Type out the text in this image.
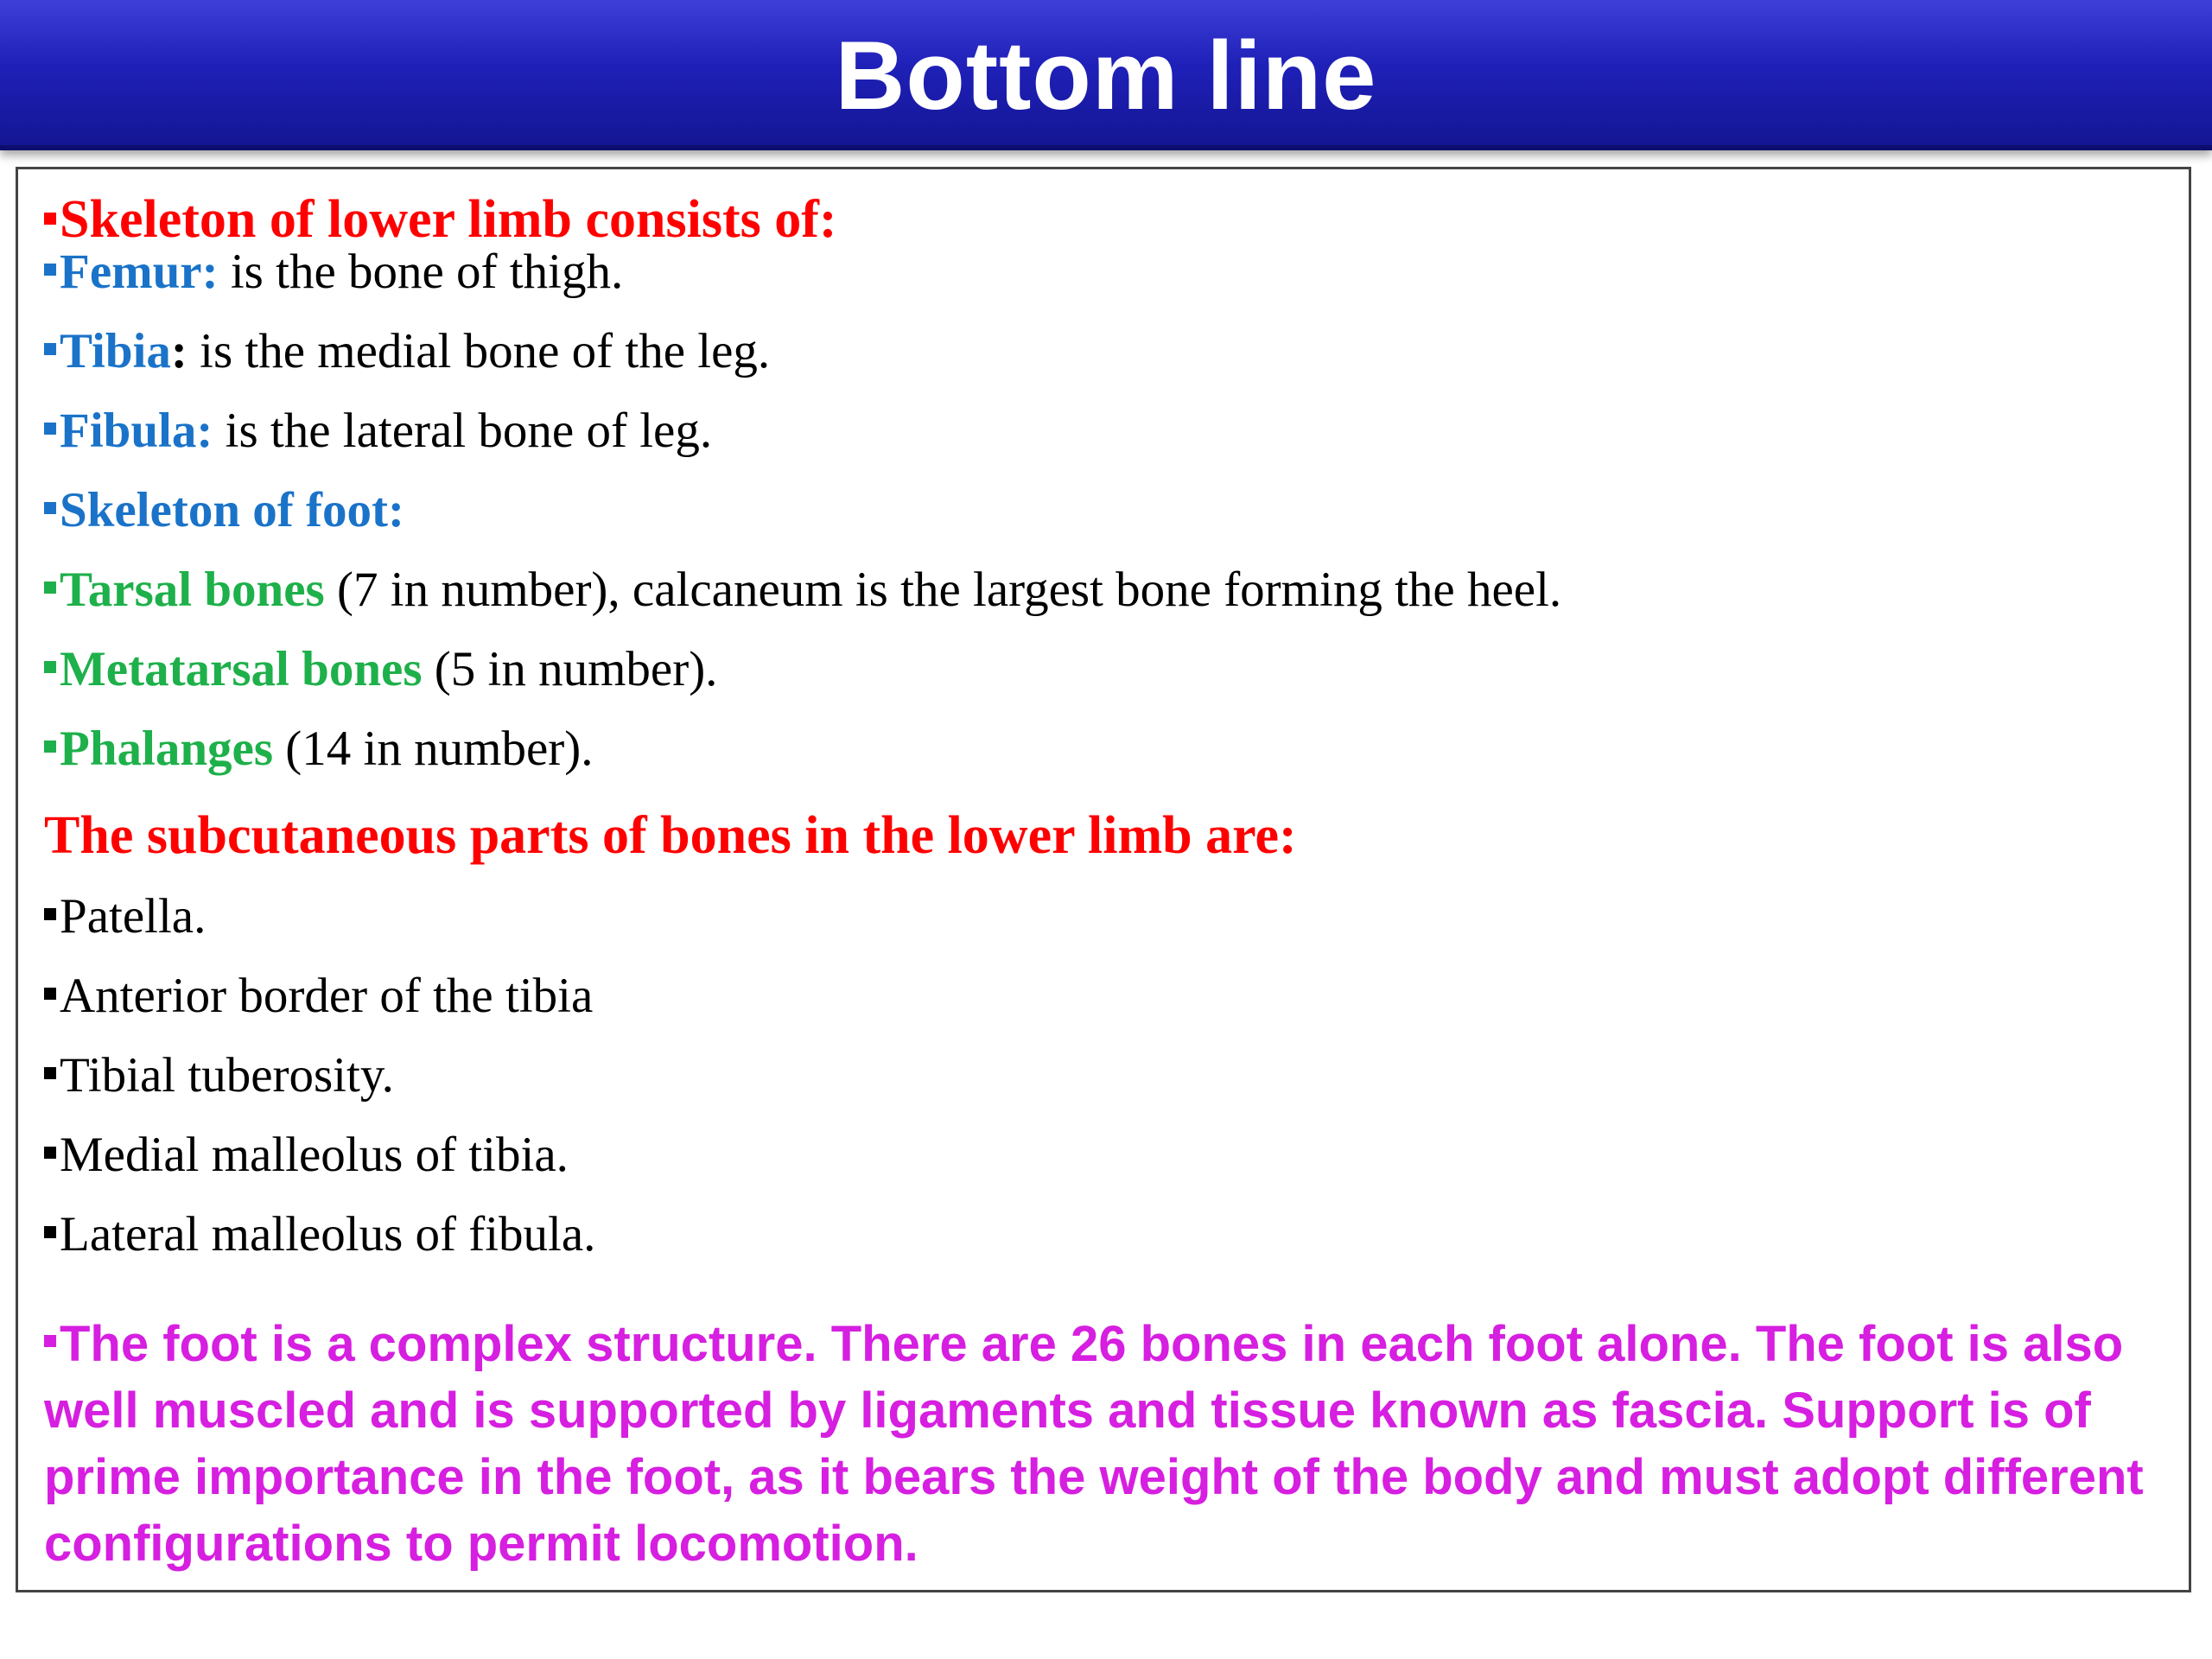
Bottom line
Skeleton of lower limb consists of:
Femur: is the bone of thigh.
Tibia: is the medial bone of the leg.
Fibula: is the lateral bone of leg.
Skeleton of foot:
Tarsal bones (7 in number), calcaneum is the largest bone forming the heel.
Metatarsal bones (5 in number).
Phalanges (14 in number).
The subcutaneous parts of bones in the lower limb are:
Patella.
Anterior border of the tibia
Tibial tuberosity.
Medial malleolus of tibia.
Lateral malleolus of fibula.
The foot is a complex structure. There are 26 bones in each foot alone. The foot is also well muscled and is supported by ligaments and tissue known as fascia. Support is of prime importance in the foot, as it bears the weight of the body and must adopt different configurations to permit locomotion.
